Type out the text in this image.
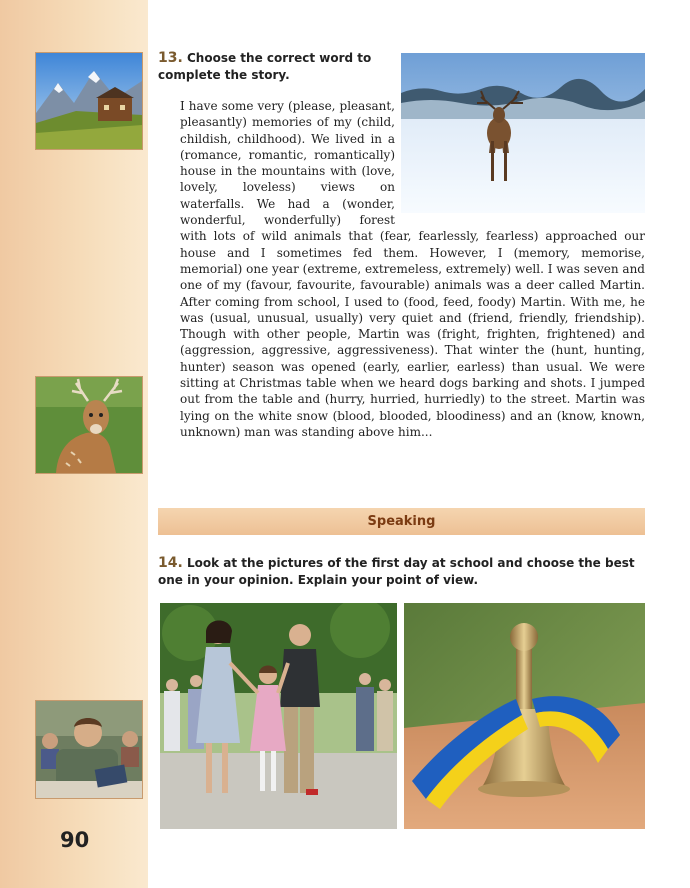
90
13. Choose the correct word to complete the story.

I have some very (please, pleasant, pleasantly) memories of my (child, childish, childhood). We lived in a (romance, romantic, romantically) house in the mountains with (love, lovely, loveless) views on waterfalls. We had a (wonder, wonderful, wonderfully) forest with lots of wild animals that (fear, fearlessly, fearless) approached our house and I sometimes fed them. However, I (memory, memorise, memorial) one year (extreme, extremeless, extremely) well. I was seven and one of my (favour, favourite, favourable) animals was a deer called Martin. After coming from school, I used to (food, feed, foody) Martin. With me, he was (usual, unusual, usually) very quiet and (friend, friendly, friendship). Though with other people, Martin was (fright, frighten, frightened) and (aggression, aggressive, aggressiveness). That winter the (hunt, hunting, hunter) season was opened (early, earlier, earless) than usual. We were sitting at Christmas table when we heard dogs barking and shots. I jumped out from the table and (hurry, hurried, hurriedly) to the street. Martin was lying on the white snow (blood, blooded, bloodiness) and an (know, known, unknown) man was standing above him...

Speaking
14. Look at the pictures of the first day at school and choose the best one in your opinion. Explain your point of view.
